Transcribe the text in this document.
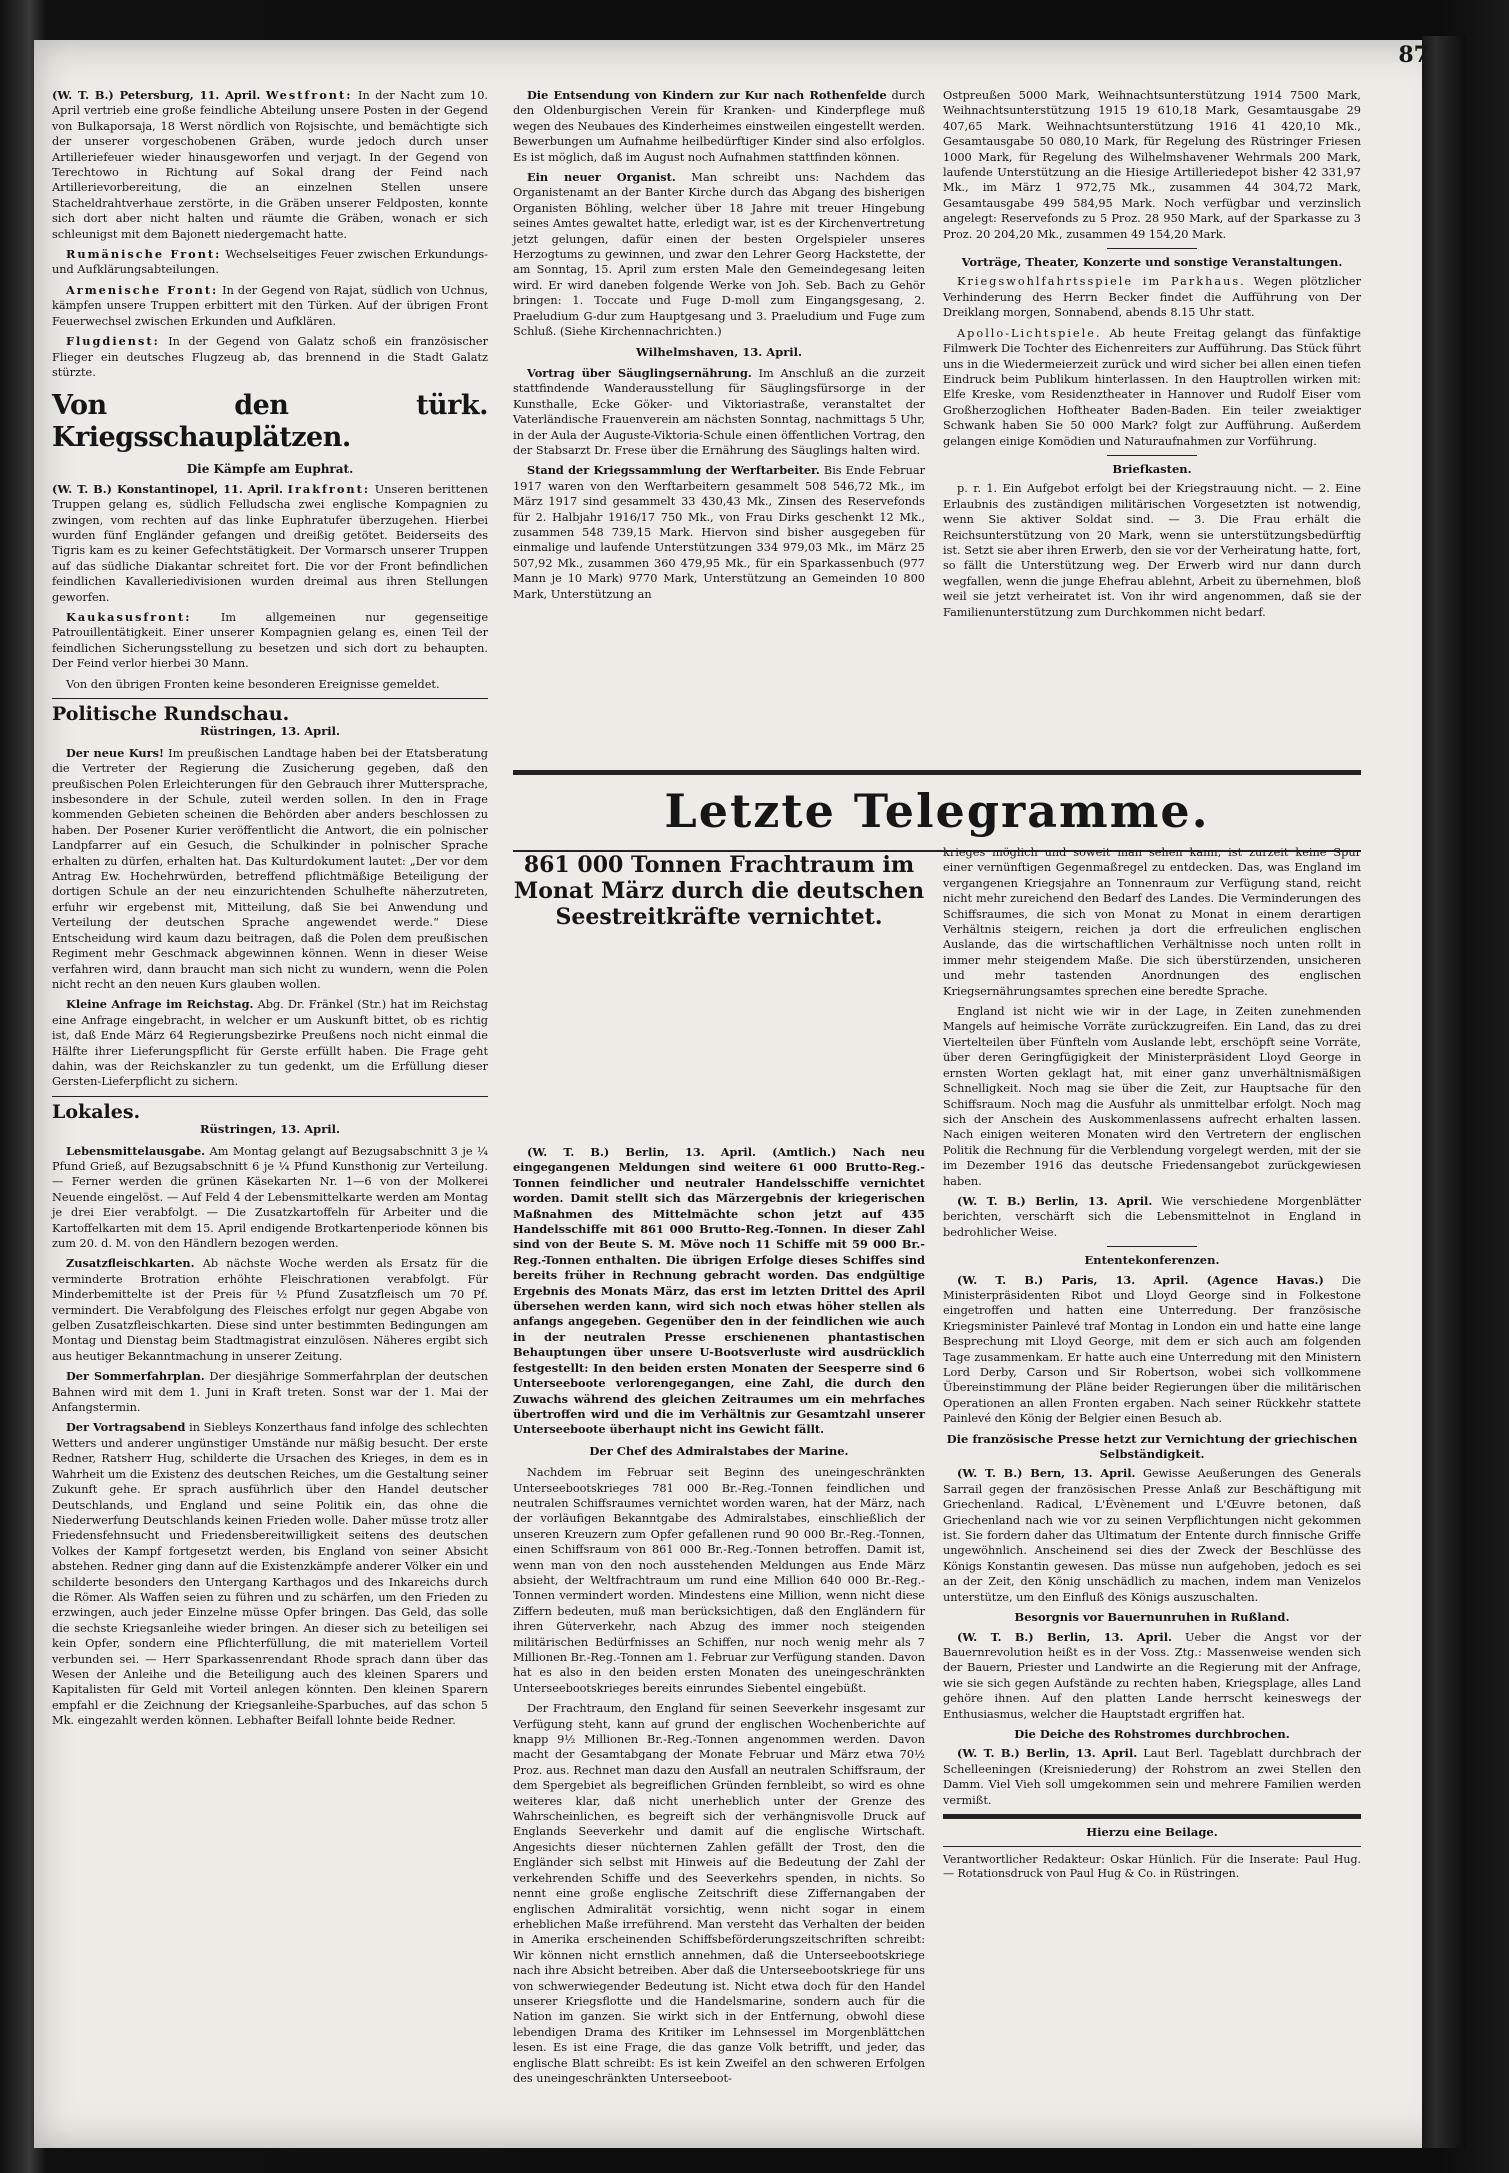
87

(W. T. B.) Petersburg, 11. April. Westfront: In der Nacht zum 10. April vertrieb eine große feindliche Abteilung unsere Posten in der Gegend von Bulkaporsaja, 18 Werst nördlich von Rojsischte, und bemächtigte sich der unserer vorgeschobenen Gräben, wurde jedoch durch unser Artilleriefeuer wieder hinausgeworfen und verjagt. In der Gegend von Terechtowo in Richtung auf Sokal drang der Feind nach Artillerievorbereitung, die an einzelnen Stellen unsere Stacheldrahtverhaue zerstörte, in die Gräben unserer Feldposten, konnte sich dort aber nicht halten und räumte die Gräben, wonach er sich schleunigst mit dem Bajonett niedergemacht hatte.

Rumänische Front: Wechselseitiges Feuer zwischen Erkundungs- und Aufklärungsabteilungen.

Armenische Front: In der Gegend von Rajat, südlich von Uchnus, kämpfen unsere Truppen erbittert mit den Türken. Auf der übrigen Front Feuerwechsel zwischen Erkunden und Aufklären.

Flugdienst: In der Gegend von Galatz schoß ein französischer Flieger ein deutsches Flugzeug ab, das brennend in die Stadt Galatz stürzte.

Von den türk. Kriegsschauplätzen.
Die Kämpfe am Euphrat.

(W. T. B.) Konstantinopel, 11. April. Irakfront: Unseren berittenen Truppen gelang es, südlich Felludscha zwei englische Kompagnien zu zwingen, vom rechten auf das linke Euphratufer überzugehen. Hierbei wurden fünf Engländer gefangen und dreißig getötet. Beiderseits des Tigris kam es zu keiner Gefechtstätigkeit. Der Vormarsch unserer Truppen auf das südliche Diakantar schreitet fort. Die vor der Front befindlichen feindlichen Kavalleriedivisionen wurden dreimal aus ihren Stellungen geworfen.

Kaukasusfront:	Im allgemeinen nur gegenseitige Patrouillentätigkeit. Einer unserer Kompagnien gelang es, einen Teil der feindlichen Sicherungsstellung zu besetzen und sich dort zu behaupten. Der Feind verlor hierbei 30 Mann.

Von den übrigen Fronten keine besonderen Ereignisse gemeldet.

Politische Rundschau.
Rüstringen, 13. April.

Der neue Kurs! Im preußischen Landtage haben bei der Etatsberatung die Vertreter der Regierung die Zusicherung gegeben, daß den preußischen Polen Erleichterungen für den Gebrauch ihrer Muttersprache, insbesondere in der Schule, zuteil werden sollen. In den in Frage kommenden Gebieten scheinen die Behörden aber anders beschlossen zu haben. Der Posener Kurier veröffentlicht die Antwort, die ein polnischer Landpfarrer auf ein Gesuch, die Schulkinder in polnischer Sprache erhalten zu dürfen, erhalten hat. Das Kulturdokument lautet: „Der vor dem Antrag Ew. Hochehrwürden, betreffend pflichtmäßige Beteiligung der dortigen Schule an der neu einzurichtenden Schulhefte näherzutreten, erfuhr wir ergebenst mit, Mitteilung, daß Sie bei Anwendung und Verteilung der deutschen Sprache angewendet werde.“ Diese Entscheidung wird kaum dazu beitragen, daß die Polen dem preußischen Regiment mehr Geschmack abgewinnen können. Wenn in dieser Weise verfahren wird, dann braucht man sich nicht zu wundern, wenn die Polen nicht recht an den neuen Kurs glauben wollen.

Kleine Anfrage im Reichstag. Abg. Dr. Fränkel (Str.) hat im Reichstag eine Anfrage eingebracht, in welcher er um Auskunft bittet, ob es richtig ist, daß Ende März 64 Regierungsbezirke Preußens noch nicht einmal die Hälfte ihrer Lieferungspflicht für Gerste erfüllt haben. Die Frage geht dahin, was der Reichskanzler zu tun gedenkt, um die Erfüllung dieser Gersten-Lieferpflicht zu sichern.

Lokales.
Rüstringen, 13. April.

Lebensmittelausgabe. Am Montag gelangt auf Bezugsabschnitt 3 je ¼ Pfund Grieß, auf Bezugsabschnitt 6 je ¼ Pfund Kunsthonig zur Verteilung. — Ferner werden die grünen Käsekarten Nr. 1—6 von der Molkerei Neuende eingelöst. — Auf Feld 4 der Lebensmittelkarte werden am Montag je drei Eier verabfolgt. — Die Zusatzkartoffeln für Arbeiter und die Kartoffelkarten mit dem 15. April endigende Brotkartenperiode können bis zum 20. d. M. von den Händlern bezogen werden.

Zusatzfleischkarten. Ab nächste Woche werden als Ersatz für die verminderte Brotration erhöhte Fleischrationen verabfolgt. Für Minderbemittelte ist der Preis für ½ Pfund Zusatzfleisch um 70 Pf. vermindert. Die Verabfolgung des Fleisches erfolgt nur gegen Abgabe von gelben Zusatzfleischkarten. Diese sind unter bestimmten Bedingungen am Montag und Dienstag beim Stadtmagistrat einzulösen. Näheres ergibt sich aus heutiger Bekanntmachung in unserer Zeitung.

Der Sommerfahrplan. Der diesjährige Sommerfahrplan der deutschen Bahnen wird mit dem 1. Juni in Kraft treten. Sonst war der 1. Mai der Anfangstermin.

Der Vortragsabend in Siebleys Konzerthaus fand infolge des schlechten Wetters und anderer ungünstiger Umstände nur mäßig besucht. Der erste Redner, Ratsherr Hug, schilderte die Ursachen des Krieges, in dem es in Wahrheit um die Existenz des deutschen Reiches, um die Gestaltung seiner Zukunft gehe. Er sprach ausführlich über den Handel deutscher Deutschlands, und England und seine Politik ein, das ohne die Niederwerfung Deutschlands keinen Frieden wolle. Daher müsse trotz aller Friedensfehnsucht und Friedensbereitwilligkeit seitens des deutschen Volkes der Kampf fortgesetzt werden, bis England von seiner Absicht abstehen. Redner ging dann auf die Existenzkämpfe anderer Völker ein und schilderte besonders den Untergang Karthagos und des Inkareichs durch die Römer. Als Waffen seien zu führen und zu schärfen, um den Frieden zu erzwingen, auch jeder Einzelne müsse Opfer bringen. Das Geld, das solle die sechste Kriegsanleihe wieder bringen. An dieser sich zu beteiligen sei kein Opfer, sondern eine Pflichterfüllung, die mit materiellem Vorteil verbunden sei. — Herr Sparkassenrendant Rhode sprach dann über das Wesen der Anleihe und die Beteiligung auch des kleinen Sparers und Kapitalisten für Geld mit Vorteil anlegen könnten. Den kleinen Sparern empfahl er die Zeichnung der Kriegsanleihe-Sparbuches, auf das schon 5 Mk. eingezahlt werden können. Lebhafter Beifall lohnte beide Redner.

Die Entsendung von Kindern zur Kur nach Rothenfelde durch den Oldenburgischen Verein für Kranken- und Kinderpflege muß wegen des Neubaues des Kinderheimes einstweilen eingestellt werden. Bewerbungen um Aufnahme heilbedürftiger Kinder sind also erfolglos. Es ist möglich, daß im August noch Aufnahmen stattfinden können.

Ein neuer Organist. Man schreibt uns: Nachdem das Organistenamt an der Banter Kirche durch das Abgang des bisherigen Organisten Böhling, welcher über 18 Jahre mit treuer Hingebung seines Amtes gewaltet hatte, erledigt war, ist es der Kirchenvertretung jetzt gelungen, dafür einen der besten Orgelspieler unseres Herzogtums zu gewinnen, und zwar den Lehrer Georg Hackstette, der am Sonntag, 15. April zum ersten Male den Gemeindegesang leiten wird. Er wird daneben folgende Werke von Joh. Seb. Bach zu Gehör bringen: 1. Toccate und Fuge D-moll zum Eingangsgesang, 2. Praeludium G-dur zum Hauptgesang und 3. Praeludium und Fuge zum Schluß. (Siehe Kirchennachrichten.)

Wilhelmshaven, 13. April.

Vortrag über Säuglingsernährung. Im Anschluß an die zurzeit stattfindende Wanderausstellung für Säuglingsfürsorge in der Kunsthalle, Ecke Göker- und Viktoriastraße, veranstaltet der Vaterländische Frauenverein am nächsten Sonntag, nachmittags 5 Uhr, in der Aula der Auguste-Viktoria-Schule einen öffentlichen Vortrag, den der Stabsarzt Dr. Frese über die Ernährung des Säuglings halten wird.

Stand der Kriegssammlung der Werftarbeiter. Bis Ende Februar 1917 waren von den Werftarbeitern gesammelt 508 546,72 Mk., im März 1917 sind gesammelt 33 430,43 Mk., Zinsen des Reservefonds für 2. Halbjahr 1916/17 750 Mk., von Frau Dirks geschenkt 12 Mk., zusammen 548 739,15 Mark. Hiervon sind bisher ausgegeben für einmalige und laufende Unterstützungen 334 979,03 Mk., im März 25 507,92 Mk., zusammen 360 479,95 Mk., für ein Sparkassenbuch (977 Mann je 10 Mark) 9770 Mark, Unterstützung an Gemeinden 10 800 Mark, Unterstützung an

Ostpreußen 5000 Mark, Weihnachtsunterstützung 1914 7500 Mark, Weihnachtsunterstützung 1915 19 610,18 Mark, Gesamtausgabe 29 407,65 Mark. Weihnachtsunterstützung 1916 41 420,10 Mk., Gesamtausgabe 50 080,10 Mark, für Regelung des Rüstringer Friesen 1000 Mark, für Regelung des Wilhelmshavener Wehrmals 200 Mark, laufende Unterstützung an die Hiesige Artilleriedepot bisher 42 331,97 Mk., im März 1 972,75 Mk., zusammen 44 304,72 Mark, Gesamtausgabe 499 584,95 Mark. Noch verfügbar und verzinslich angelegt: Reservefonds zu 5 Proz. 28 950 Mark, auf der Sparkasse zu 3 Proz. 20 204,20 Mk., zusammen 49 154,20 Mark.

Vorträge, Theater, Konzerte und sonstige Veranstaltungen.

Kriegswohlfahrtsspiele im Parkhaus. Wegen plötzlicher Verhinderung des Herrn Becker findet die Aufführung von Der Dreiklang morgen, Sonnabend, abends 8.15 Uhr statt.

Apollo-Lichtspiele. Ab heute Freitag gelangt das fünfaktige Filmwerk Die Tochter des Eichenreiters zur Aufführung. Das Stück führt uns in die Wiedermeierzeit zurück und wird sicher bei allen einen tiefen Eindruck beim Publikum hinterlassen. In den Hauptrollen wirken mit: Elfe Kreske, vom Residenztheater in Hannover und Rudolf Eiser vom Großherzoglichen Hoftheater Baden-Baden. Ein teiler zweiaktiger Schwank haben Sie 50 000 Mark? folgt zur Aufführung. Außerdem gelangen einige Komödien und Naturaufnahmen zur Vorführung.

Briefkasten.

p. r. 1. Ein Aufgebot erfolgt bei der Kriegstrauung nicht. — 2. Eine Erlaubnis des zuständigen militärischen Vorgesetzten ist notwendig, wenn Sie aktiver Soldat sind. — 3. Die Frau erhält die Reichsunterstützung von 20 Mark, wenn sie unterstützungsbedürftig ist. Setzt sie aber ihren Erwerb, den sie vor der Verheiratung hatte, fort, so fällt die Unterstützung weg. Der Erwerb wird nur dann durch wegfallen, wenn die junge Ehefrau ablehnt, Arbeit zu übernehmen, bloß weil sie jetzt verheiratet ist. Von ihr wird angenommen, daß sie der Familienunterstützung zum Durchkommen nicht bedarf.

Letzte Telegramme.
861 000 Tonnen Frachtraum im Monat März durch die deutschen Seestreitkräfte vernichtet.

(W. T. B.) Berlin, 13. April. (Amtlich.) Nach neu eingegangenen Meldungen sind weitere 61 000 Brutto-Reg.-Tonnen feindlicher und neutraler Handelsschiffe vernichtet worden. Damit stellt sich das Märzergebnis der kriegerischen Maßnahmen des Mittelmächte schon jetzt auf 435 Handelsschiffe mit 861 000 Brutto-Reg.-Tonnen. In dieser Zahl sind von der Beute S. M. Möve noch 11 Schiffe mit 59 000 Br.-Reg.-Tonnen enthalten. Die übrigen Erfolge dieses Schiffes sind bereits früher in Rechnung gebracht worden. Das endgültige Ergebnis des Monats März, das erst im letzten Drittel des April übersehen werden kann, wird sich noch etwas höher stellen als anfangs angegeben. Gegenüber den in der feindlichen wie auch in der neutralen Presse erschienenen phantastischen Behauptungen über unsere U-Bootsverluste wird ausdrücklich festgestellt: In den beiden ersten Monaten der Seesperre sind 6 Unterseeboote verlorengegangen, eine Zahl, die durch den Zuwachs während des gleichen Zeitraumes um ein mehrfaches übertroffen wird und die im Verhältnis zur Gesamtzahl unserer Unterseeboote überhaupt nicht ins Gewicht fällt.

Der Chef des Admiralstabes der Marine.

Nachdem im Februar seit Beginn des uneingeschränkten Unterseebootskrieges 781 000 Br.-Reg.-Tonnen feindlichen und neutralen Schiffsraumes vernichtet worden waren, hat der März, nach der vorläufigen Bekanntgabe des Admiralstabes, einschließlich der unseren Kreuzern zum Opfer gefallenen rund 90 000 Br.-Reg.-Tonnen, einen Schiffsraum von 861 000 Br.-Reg.-Tonnen betroffen. Damit ist, wenn man von den noch ausstehenden Meldungen aus Ende März absieht, der Weltfrachtraum um rund eine Million 640 000 Br.-Reg.-Tonnen vermindert worden. Mindestens eine Million, wenn nicht diese Ziffern bedeuten, muß man berücksichtigen, daß den Engländern für ihren Güterverkehr, nach Abzug des immer noch steigenden militärischen Bedürfnisses an Schiffen, nur noch wenig mehr als 7 Millionen Br.-Reg.-Tonnen am 1. Februar zur Verfügung standen. Davon hat es also in den beiden ersten Monaten des uneingeschränkten Unterseebootskrieges bereits einrundes Siebentel eingebüßt.

Der Frachtraum, den England für seinen Seeverkehr insgesamt zur Verfügung steht, kann auf grund der englischen Wochenberichte auf knapp 9½ Millionen Br.-Reg.-Tonnen angenommen werden. Davon macht der Gesamtabgang der Monate Februar und März etwa 70½ Proz. aus. Rechnet man dazu den Ausfall an neutralen Schiffsraum, der dem Spergebiet als begreiflichen Gründen fernbleibt, so wird es ohne weiteres klar, daß nicht unerheblich unter der Grenze des Wahrscheinlichen, es begreift sich der verhängnisvolle Druck auf Englands Seeverkehr und damit auf die englische Wirtschaft. Angesichts dieser nüchternen Zahlen gefällt der Trost, den die Engländer sich selbst mit Hinweis auf die Bedeutung der Zahl der verkehrenden Schiffe und des Seeverkehrs spenden, in nichts. So nennt eine große englische Zeitschrift diese Ziffernangaben der englischen Admiralität vorsichtig, wenn nicht sogar in einem erheblichen Maße irreführend. Man versteht das Verhalten der beiden in Amerika erscheinenden Schiffsbeförderungszeitschriften schreibt: Wir können nicht ernstlich annehmen, daß die Unterseebootskriege nach ihre Absicht betreiben. Aber daß die Unterseebootskriege für uns von schwerwiegender Bedeutung ist. Nicht etwa doch für den Handel unserer Kriegsflotte und die Handelsmarine, sondern auch für die Nation im ganzen. Sie wirkt sich in der Entfernung, obwohl diese lebendigen Drama des Kritiker im Lehnsessel im Morgenblättchen lesen. Es ist eine Frage, die das ganze Volk betrifft, und jeder, das englische Blatt schreibt: Es ist kein Zweifel an den schweren Erfolgen des uneingeschränkten Unterseeboot-

krieges möglich und soweit man sehen kann, ist zurzeit keine Spur einer vernünftigen Gegenmaßregel zu entdecken. Das, was England im vergangenen Kriegsjahre an Tonnenraum zur Verfügung stand, reicht nicht mehr zureichend den Bedarf des Landes. Die Verminderungen des Schiffsraumes, die sich von Monat zu Monat in einem derartigen Verhältnis steigern, reichen ja dort die erfreulichen englischen Auslande, das die wirtschaftlichen Verhältnisse noch unten rollt in immer mehr steigendem Maße. Die sich überstürzenden, unsicheren und mehr tastenden Anordnungen des englischen Kriegsernährungsamtes sprechen eine beredte Sprache.

England ist nicht wie wir in der Lage, in Zeiten zunehmenden Mangels auf heimische Vorräte zurückzugreifen. Ein Land, das zu drei Viertelteilen über Fünfteln vom Auslande lebt, erschöpft seine Vorräte, über deren Geringfügigkeit der Ministerpräsident Lloyd George in ernsten Worten geklagt hat, mit einer ganz unverhältnismäßigen Schnelligkeit. Noch mag sie über die Zeit, zur Hauptsache für den Schiffsraum. Noch mag die Ausfuhr als unmittelbar erfolgt. Noch mag sich der Anschein des Auskommenlassens aufrecht erhalten lassen. Nach einigen weiteren Monaten wird den Vertretern der englischen Politik die Rechnung für die Verblendung vorgelegt werden, mit der sie im Dezember 1916 das deutsche Friedensangebot zurückgewiesen haben.

(W. T. B.) Berlin, 13. April. Wie verschiedene Morgenblätter berichten, verschärft sich die Lebensmittelnot in England in bedrohlicher Weise.

Ententekonferenzen.

(W. T. B.) Paris, 13. April. (Agence Havas.) Die Ministerpräsidenten Ribot und Lloyd George sind in Folkestone eingetroffen und hatten eine Unterredung. Der französische Kriegsminister Painlevé traf Montag in London ein und hatte eine lange Besprechung mit Lloyd George, mit dem er sich auch am folgenden Tage zusammenkam. Er hatte auch eine Unterredung mit den Ministern Lord Derby, Carson und Sir Robertson, wobei sich vollkommene Übereinstimmung der Pläne beider Regierungen über die militärischen Operationen an allen Fronten ergaben. Nach seiner Rückkehr stattete Painlevé den König der Belgier einen Besuch ab.

Die französische Presse hetzt zur Vernichtung der griechischen Selbständigkeit.

(W. T. B.) Bern, 13. April. Gewisse Aeußerungen des Generals Sarrail gegen der französischen Presse Anlaß zur Beschäftigung mit Griechenland. Radical, L'Évènement und L'Œuvre betonen, daß Griechenland nach wie vor zu seinen Verpflichtungen nicht gekommen ist. Sie fordern daher das Ultimatum der Entente durch finnische Griffe ungewöhnlich. Anscheinend sei dies der Zweck der Beschlüsse des Königs Konstantin gewesen. Das müsse nun aufgehoben, jedoch es sei an der Zeit, den König unschädlich zu machen, indem man Venizelos unterstütze, um den Einfluß des Königs auszuschalten.

Besorgnis vor Bauernunruhen in Rußland.

(W. T. B.) Berlin, 13. April. Ueber die Angst vor der Bauernrevolution heißt es in der Voss. Ztg.: Massenweise wenden sich der Bauern, Priester und Landwirte an die Regierung mit der Anfrage, wie sie sich gegen Aufstände zu rechten haben, Kriegsplage, alles Land gehöre ihnen. Auf den platten Lande herrscht keineswegs der Enthusiasmus, welcher die Hauptstadt ergriffen hat.

Die Deiche des Rohstromes durchbrochen.

(W. T. B.) Berlin, 13. April. Laut Berl. Tageblatt durchbrach der Schelleeningen (Kreisniederung) der Rohstrom an zwei Stellen den Damm. Viel Vieh soll umgekommen sein und mehrere Familien werden vermißt.

Hierzu eine Beilage.

Verantwortlicher Redakteur: Oskar Hünlich. Für die Inserate: Paul Hug. — Rotationsdruck von Paul Hug & Co. in Rüstringen.
